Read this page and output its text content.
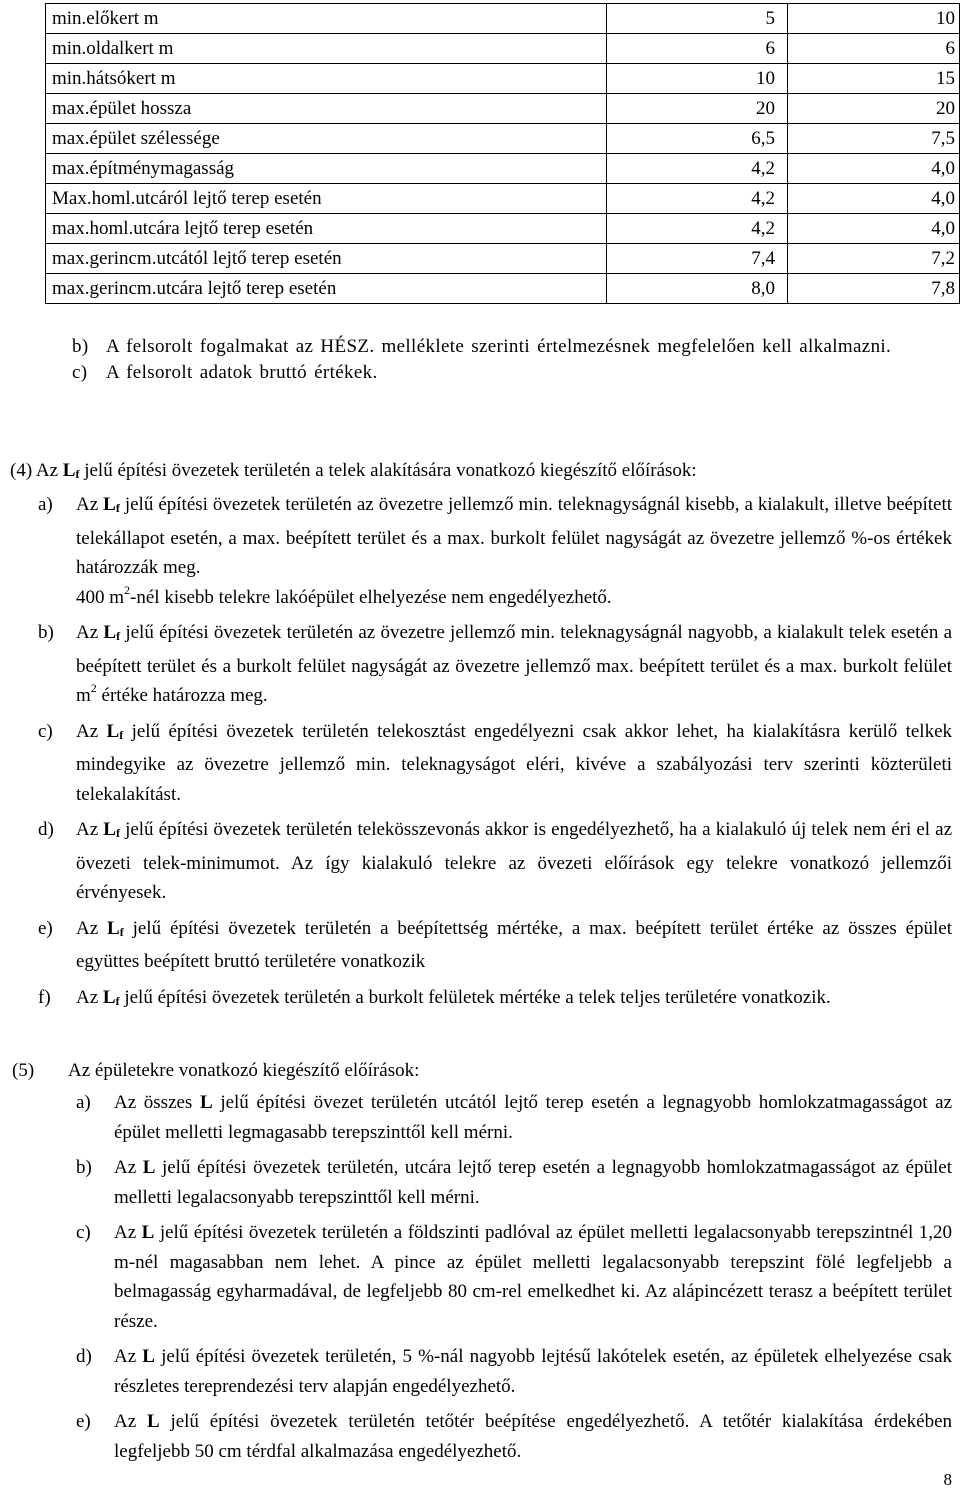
min.előkert m	5	10
min.oldalkert m	6	6
min.hátsókert m	10	15
max.épület hossza	20	20
max.épület szélessége	6,5	7,5
max.építménymagasság	4,2	4,0
Max.homl.utcáról lejtő terep esetén	4,2	4,0
max.homl.utcára lejtő terep esetén	4,2	4,0
max.gerincm.utcától lejtő terep esetén	7,4	7,2
max.gerincm.utcára lejtő terep esetén	8,0	7,8
b) A felsorolt fogalmakat az HÉSZ. melléklete szerinti értelmezésnek megfelelően kell alkalmazni.
c) A felsorolt adatok bruttó értékek.
(4) Az $L_f$ jelű építési övezetek területén a telek alakítására vonatkozó kiegészítő előírások:
a) Az $L_f$ jelű építési övezetek területén az övezetre jellemző min. teleknagyságnál kisebb, a kialakult, illetve beépített telekállapot esetén, a max. beépített terület és a max. burkolt felület nagyságát az övezetre jellemző %-os értékek határozzák meg.
400 $m^2$-nél kisebb telekre lakóépület elhelyezése nem engedélyezhető.
b) Az $L_f$ jelű építési övezetek területén az övezetre jellemző min. teleknagyságnál nagyobb, a kialakult telek esetén a beépített terület és a burkolt felület nagyságát az övezetre jellemző max. beépített terület és a max. burkolt felület $m^2$ értéke határozza meg.
c) Az $L_f$ jelű építési övezetek területén telekosztást engedélyezni csak akkor lehet, ha kialakításra kerülő telkek mindegyike az övezetre jellemző min. teleknagyságot eléri, kivéve a szabályozási terv szerinti közterületi telekalakítást.
d) Az $L_f$ jelű építési övezetek területén telekösszevonás akkor is engedélyezhető, ha a kialakuló új telek nem éri el az övezeti telek-minimumot. Az így kialakuló telekre az övezeti előírások egy telekre vonatkozó jellemzői érvényesek.
e) Az $L_f$ jelű építési övezetek területén a beépítettség mértéke, a max. beépített terület értéke az összes épület együttes beépített bruttó területére vonatkozik
f) Az $L_f$ jelű építési övezetek területén a burkolt felületek mértéke a telek teljes területére vonatkozik.
(5) Az épületekre vonatkozó kiegészítő előírások:
a) Az összes L jelű építési övezet területén utcától lejtő terep esetén a legnagyobb homlokzatmagasságot az épület melletti legmagasabb terepszinttől kell mérni.
b) Az L jelű építési övezetek területén, utcára lejtő terep esetén a legnagyobb homlokzatmagasságot az épület melletti legalacsonyabb terepszinttől kell mérni.
c) Az L jelű építési övezetek területén a földszinti padlóval az épület melletti legalacsonyabb terepszintnél 1,20 m-nél magasabban nem lehet. A pince az épület melletti legalacsonyabb terepszint fölé legfeljebb a belmagasság egyharmadával, de legfeljebb 80 cm-rel emelkedhet ki. Az alápincézett terasz a beépített terület része.
d) Az L jelű építési övezetek területén, 5 %-nál nagyobb lejtésű lakótelek esetén, az épületek elhelyezése csak részletes tereprendezési terv alapján engedélyezhető.
e) Az L jelű építési övezetek területén tetőtér beépítése engedélyezhető. A tetőtér kialakítása érdekében legfeljebb 50 cm térdfal alkalmazása engedélyezhető.
8
